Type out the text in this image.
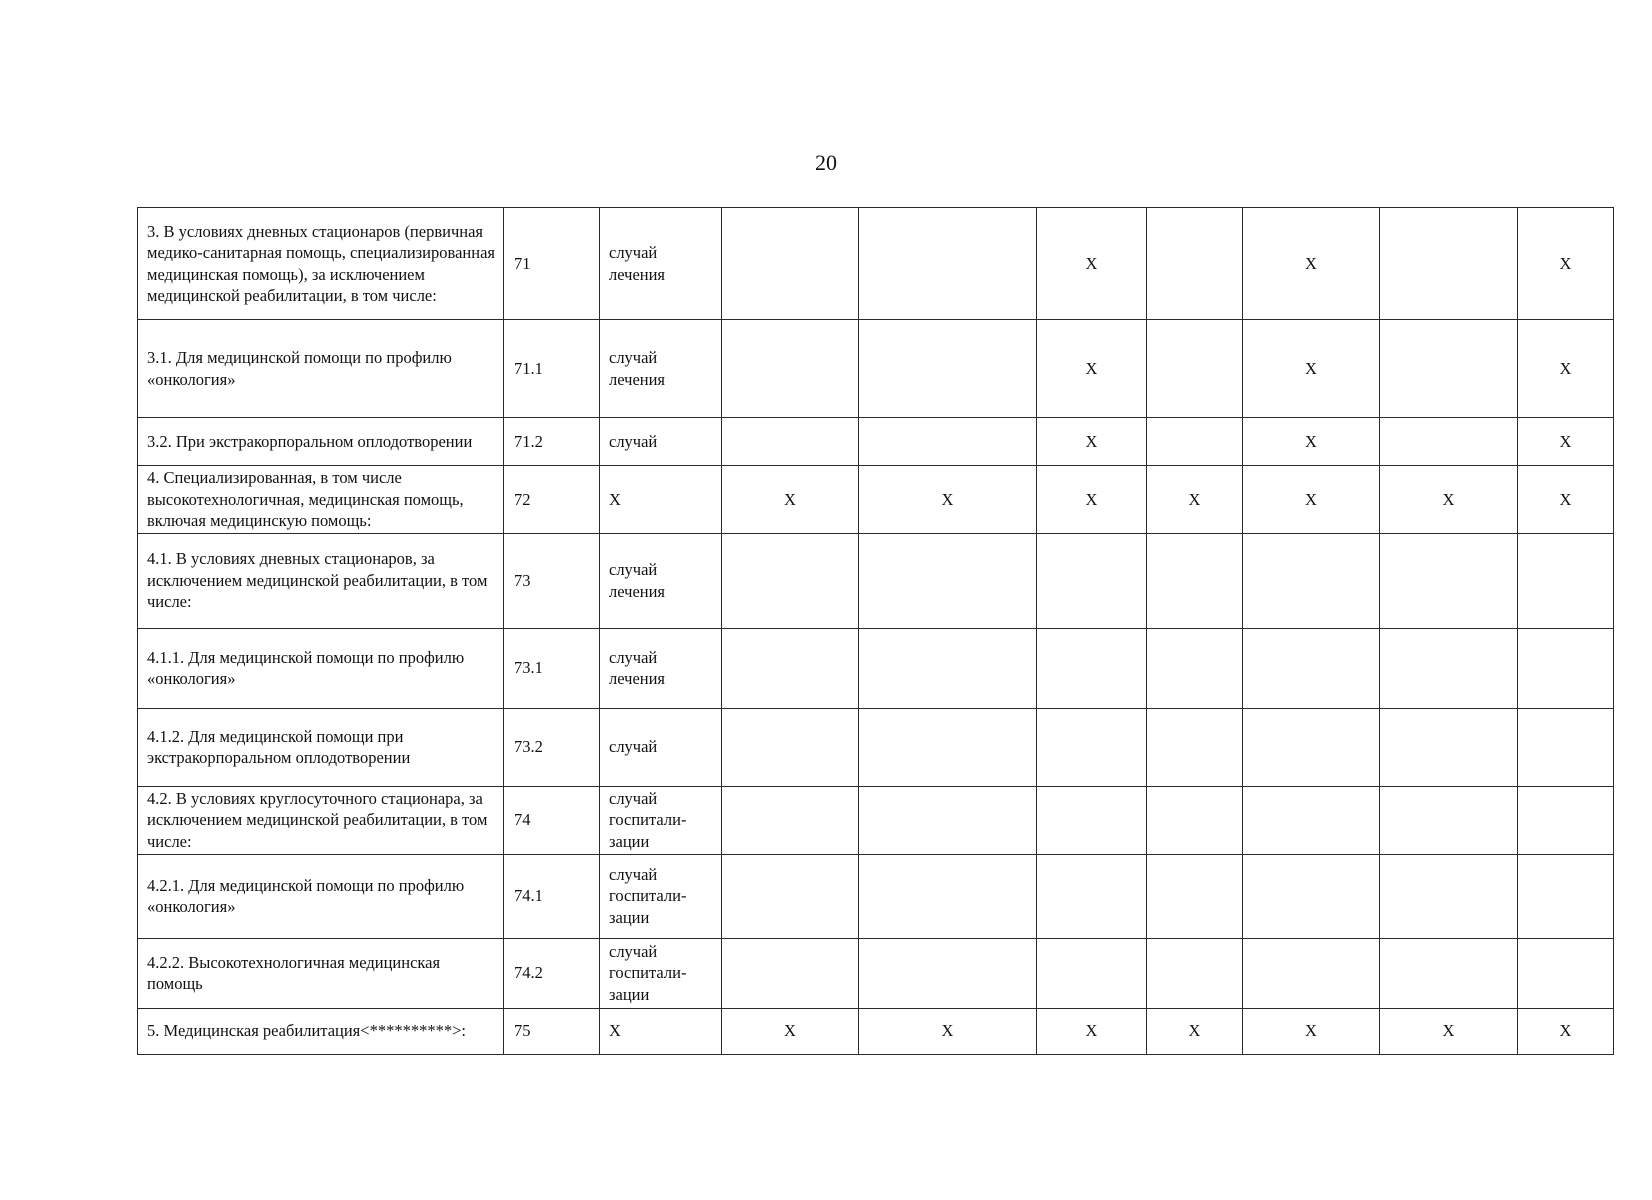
20
3. В условиях дневных стационаров (первичная медико-санитарная помощь, специализированная медицинская помощь), за исключением медицинской реабилитации, в том числе:	71	случай лечения			X		X		X
3.1. Для медицинской помощи по профилю «онкология»	71.1	случай лечения			X		X		X
3.2. При экстракорпоральном оплодотворении	71.2	случай			X		X		X
4. Специализированная, в том числе высокотехнологичная, медицинская помощь, включая медицинскую помощь:	72	X	X	X	X	X	X	X	X
4.1. В условиях дневных стационаров, за исключением медицинской реабилитации, в том числе:	73	случай лечения							
4.1.1. Для медицинской помощи по профилю «онкология»	73.1	случай лечения							
4.1.2. Для медицинской помощи при экстракорпоральном оплодотворении	73.2	случай							
4.2. В условиях круглосуточного стационара, за исключением медицинской реабилитации, в том числе:	74	случай госпитали-зации							
4.2.1. Для медицинской помощи по профилю «онкология»	74.1	случай госпитали-зации							
4.2.2. Высокотехнологичная медицинская помощь	74.2	случай госпитали-зации							
5. Медицинская реабилитация<**********>:	75	X	X	X	X	X	X	X	X
